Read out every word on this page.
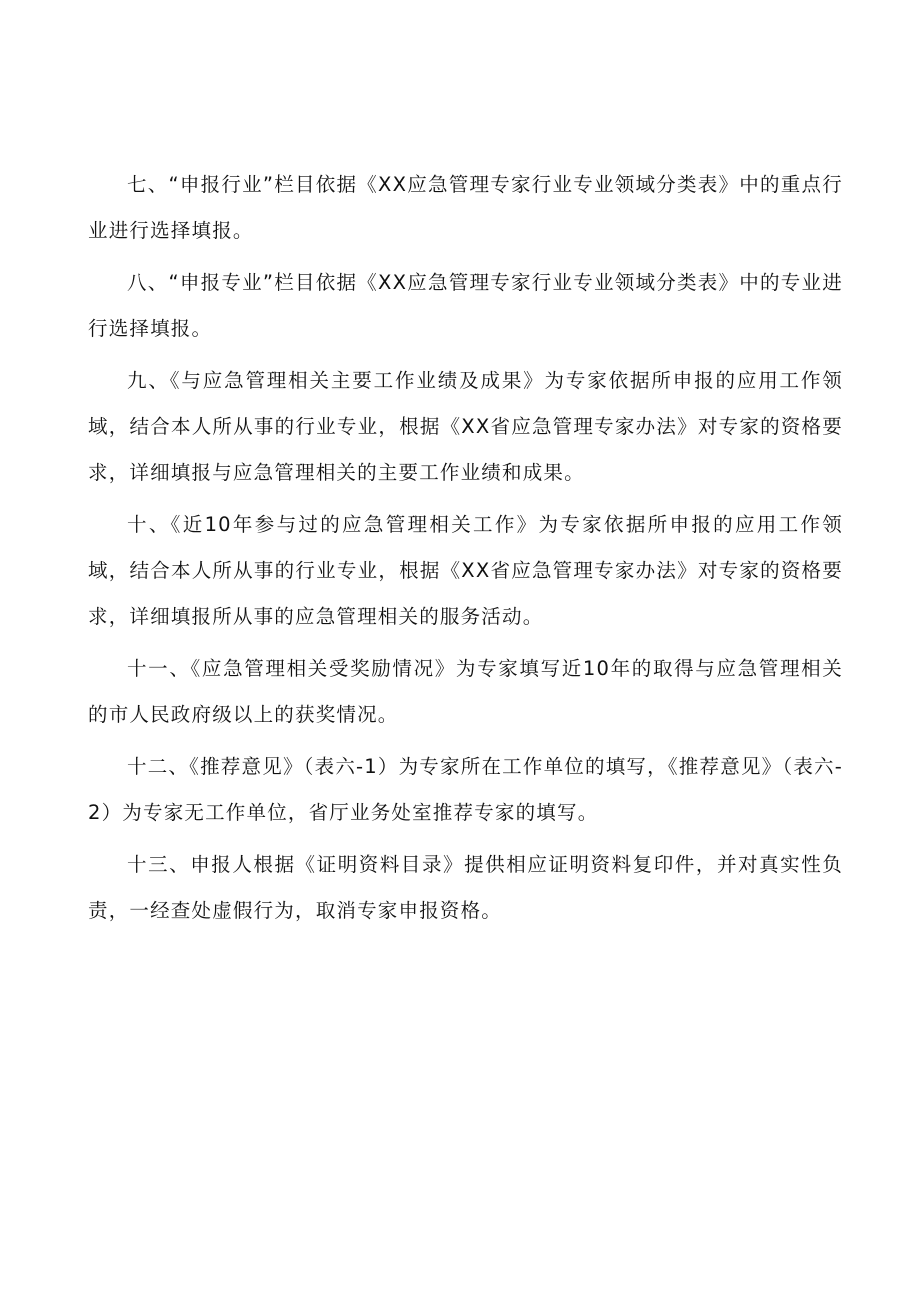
七、“申报行业”栏目依据《XX应急管理专家行业专业领域分类表》中的重点行业进行选择填报。

八、“申报专业”栏目依据《XX应急管理专家行业专业领域分类表》中的专业进行选择填报。

九、《与应急管理相关主要工作业绩及成果》为专家依据所申报的应用工作领域，结合本人所从事的行业专业，根据《XX省应急管理专家办法》对专家的资格要求，详细填报与应急管理相关的主要工作业绩和成果。

十、《近10年参与过的应急管理相关工作》为专家依据所申报的应用工作领域，结合本人所从事的行业专业，根据《XX省应急管理专家办法》对专家的资格要求，详细填报所从事的应急管理相关的服务活动。

十一、《应急管理相关受奖励情况》为专家填写近10年的取得与应急管理相关的市人民政府级以上的获奖情况。

十二、《推荐意见》（表六-1）为专家所在工作单位的填写，《推荐意见》（表六-2）为专家无工作单位，省厅业务处室推荐专家的填写。

十三、申报人根据《证明资料目录》提供相应证明资料复印件，并对真实性负责，一经查处虚假行为，取消专家申报资格。
